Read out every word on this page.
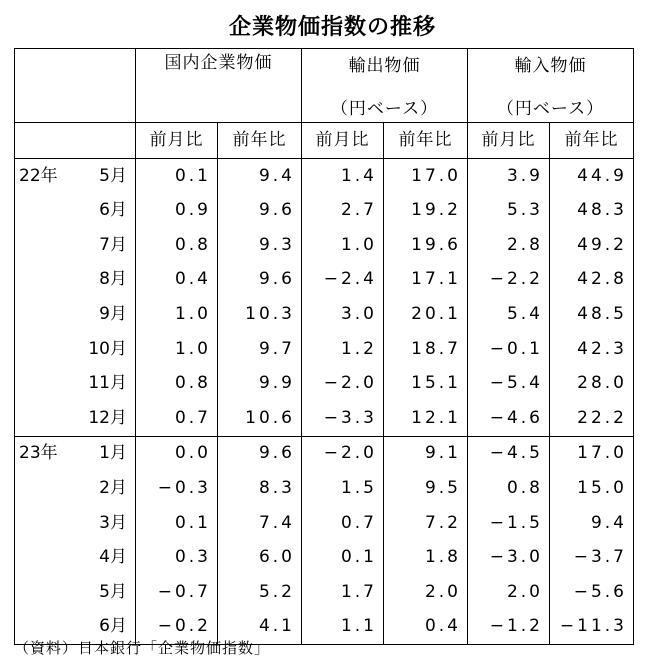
企業物価指数の推移
		国内企業物価		輸出物価		輸入物価	
				（円ベース）		（円ベース）	
		前月比	前年比	前月比	前年比	前月比	前年比
22年	5月	0.1	9.4	1.4	17.0	3.9	44.9
	6月	0.9	9.6	2.7	19.2	5.3	48.3
	7月	0.8	9.3	1.0	19.6	2.8	49.2
	8月	0.4	9.6	−2.4	17.1	−2.2	42.8
	9月	1.0	10.3	3.0	20.1	5.4	48.5
	10月	1.0	9.7	1.2	18.7	−0.1	42.3
	11月	0.8	9.9	−2.0	15.1	−5.4	28.0
	12月	0.7	10.6	−3.3	12.1	−4.6	22.2
23年	1月	0.0	9.6	−2.0	9.1	−4.5	17.0
	2月	−0.3	8.3	1.5	9.5	0.8	15.0
	3月	0.1	7.4	0.7	7.2	−1.5	9.4
	4月	0.3	6.0	0.1	1.8	−3.0	−3.7
	5月	−0.7	5.2	1.7	2.0	2.0	−5.6
	6月	−0.2	4.1	1.1	0.4	−1.2	−11.3
（資料）日本銀行「企業物価指数」
